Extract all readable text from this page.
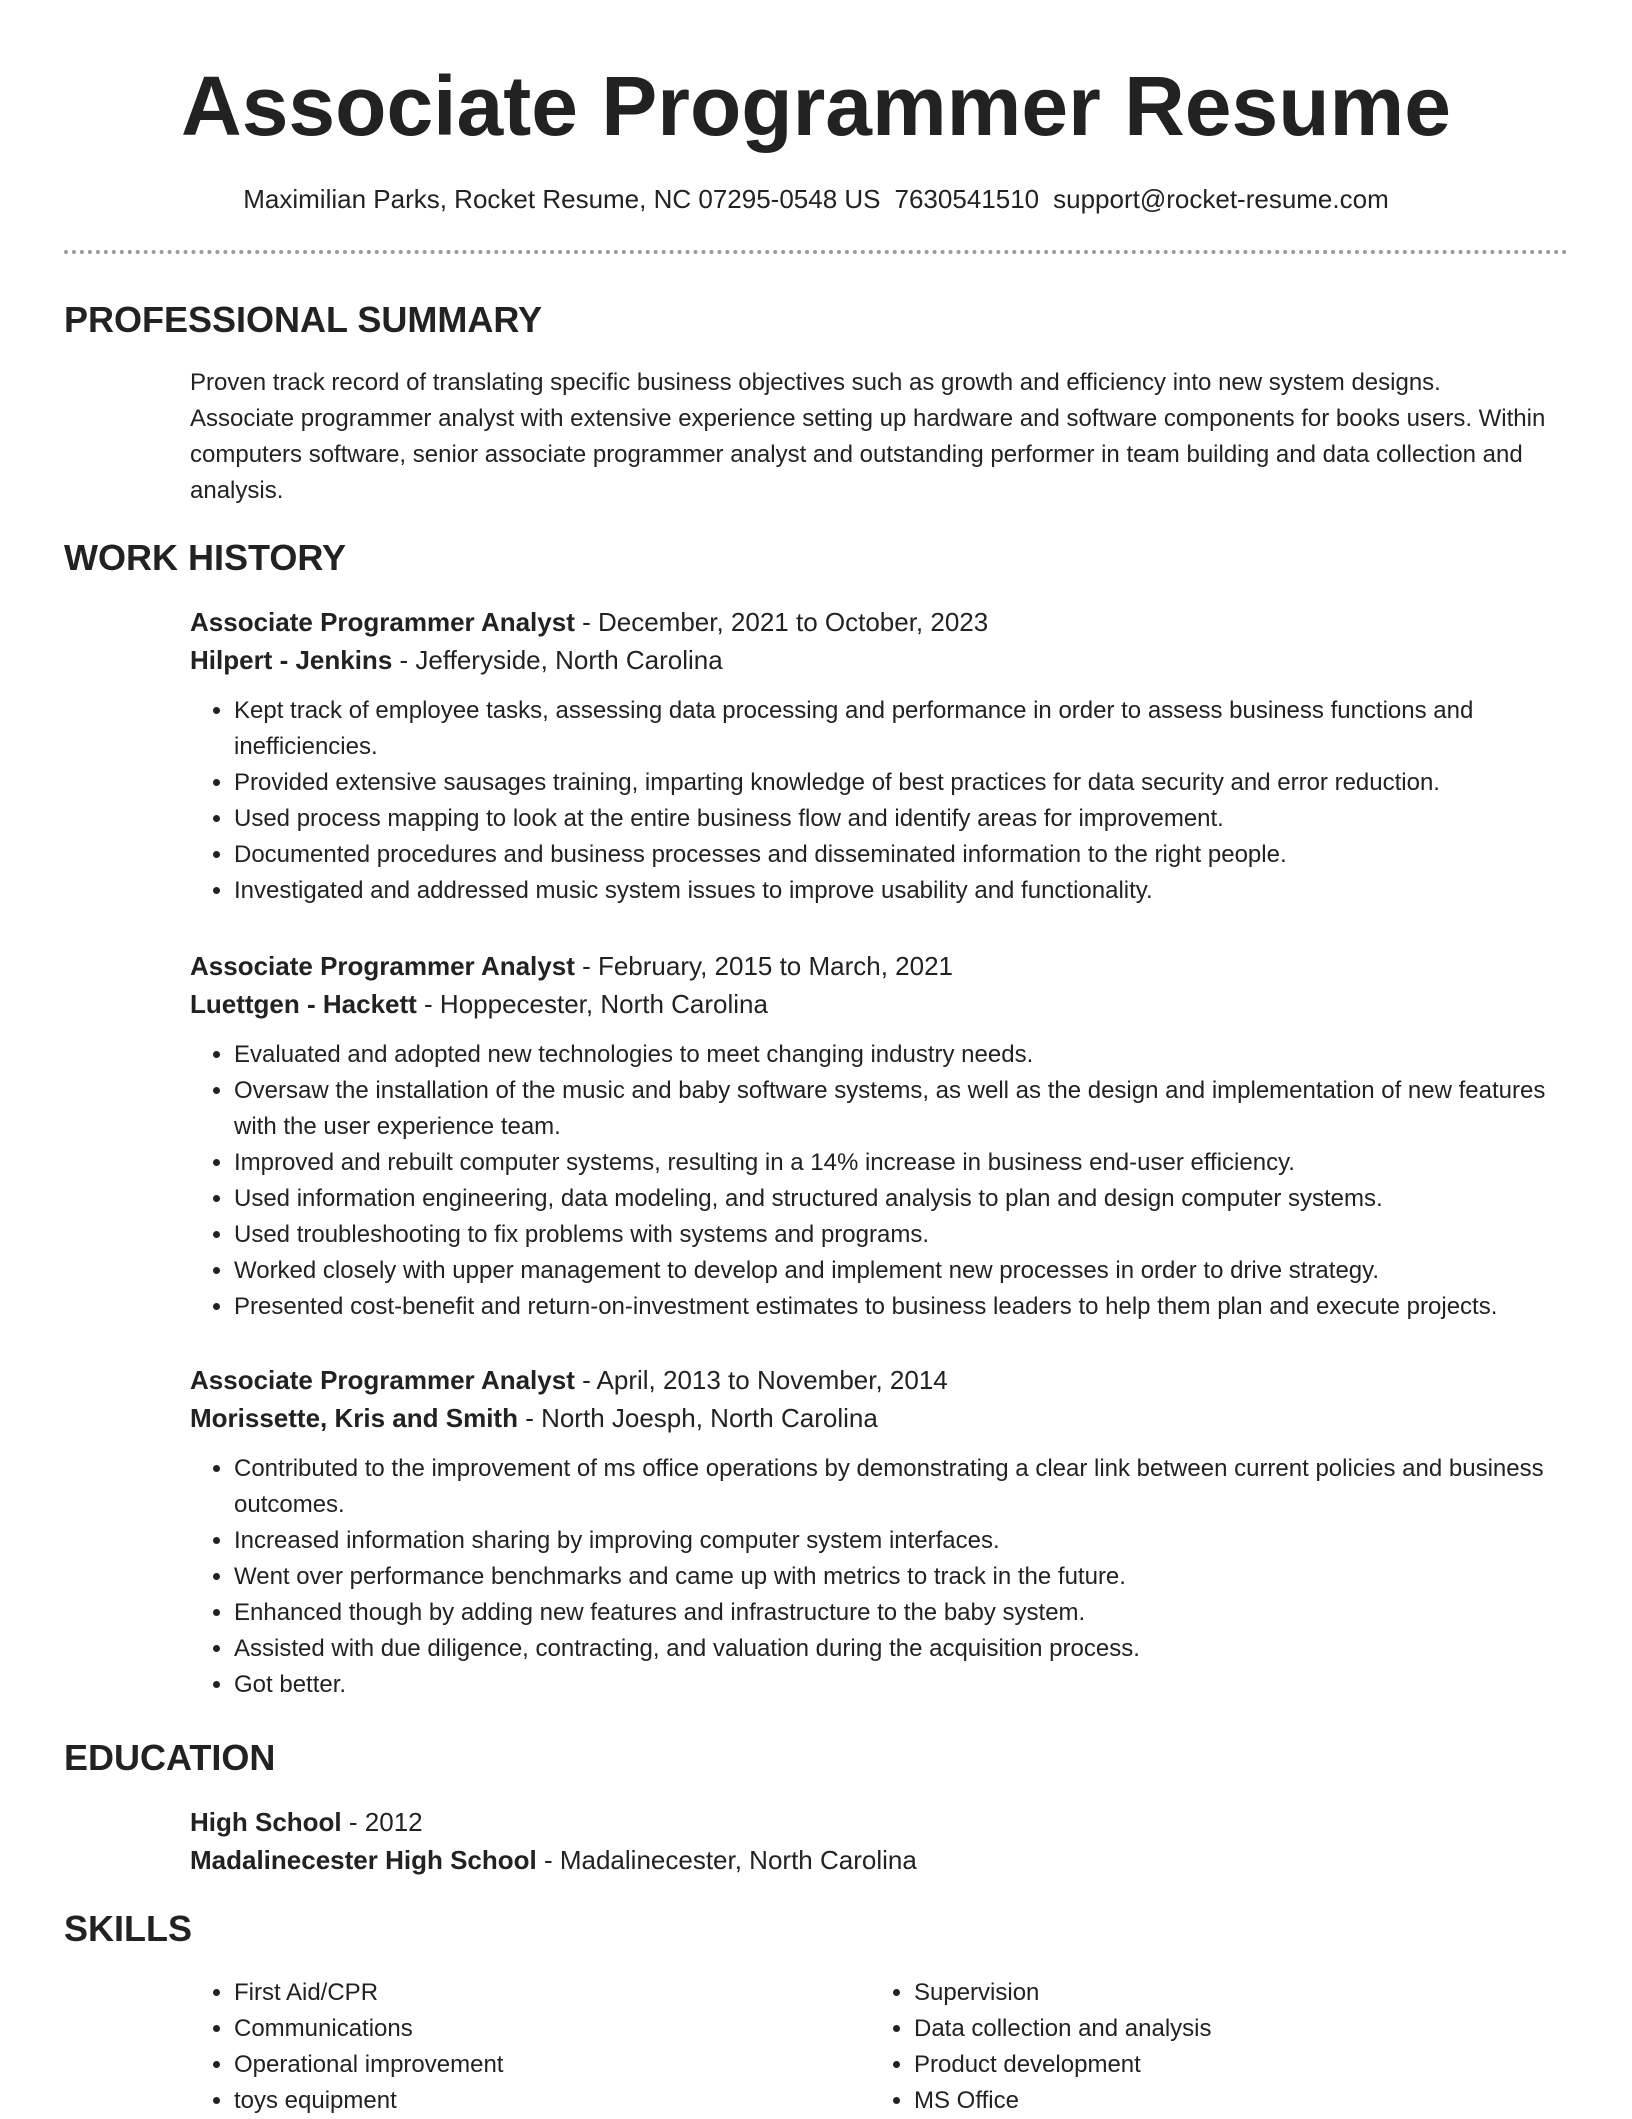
Associate Programmer Resume
Maximilian Parks, Rocket Resume, NC 07295-0548 US 7630541510 support@rocket-resume.com
PROFESSIONAL SUMMARY

Proven track record of translating specific business objectives such as growth and efficiency into new system designs. Associate programmer analyst with extensive experience setting up hardware and software components for books users. Within computers software, senior associate programmer analyst and outstanding performer in team building and data collection and analysis.

WORK HISTORY

Associate Programmer Analyst - December, 2021 to October, 2023

Hilpert - Jenkins - Jefferyside, North Carolina

• Kept track of employee tasks, assessing data processing and performance in order to assess business functions and inefficiencies.
• Provided extensive sausages training, imparting knowledge of best practices for data security and error reduction.
• Used process mapping to look at the entire business flow and identify areas for improvement.
• Documented procedures and business processes and disseminated information to the right people.
• Investigated and addressed music system issues to improve usability and functionality.

Associate Programmer Analyst - February, 2015 to March, 2021

Luettgen - Hackett - Hoppecester, North Carolina

• Evaluated and adopted new technologies to meet changing industry needs.
• Oversaw the installation of the music and baby software systems, as well as the design and implementation of new features with the user experience team.
• Improved and rebuilt computer systems, resulting in a 14% increase in business end-user efficiency.
• Used information engineering, data modeling, and structured analysis to plan and design computer systems.
• Used troubleshooting to fix problems with systems and programs.
• Worked closely with upper management to develop and implement new processes in order to drive strategy.
• Presented cost-benefit and return-on-investment estimates to business leaders to help them plan and execute projects.

Associate Programmer Analyst - April, 2013 to November, 2014

Morissette, Kris and Smith - North Joesph, North Carolina

• Contributed to the improvement of ms office operations by demonstrating a clear link between current policies and business outcomes.
• Increased information sharing by improving computer system interfaces.
• Went over performance benchmarks and came up with metrics to track in the future.
• Enhanced though by adding new features and infrastructure to the baby system.
• Assisted with due diligence, contracting, and valuation during the acquisition process.
• Got better.
EDUCATION

High School - 2012

Madalinecester High School - Madalinecester, North Carolina

SKILLS
• First Aid/CPR
• Communications
• Operational improvement
• toys equipment
• Supervision
• Data collection and analysis
• Product development
• MS Office
